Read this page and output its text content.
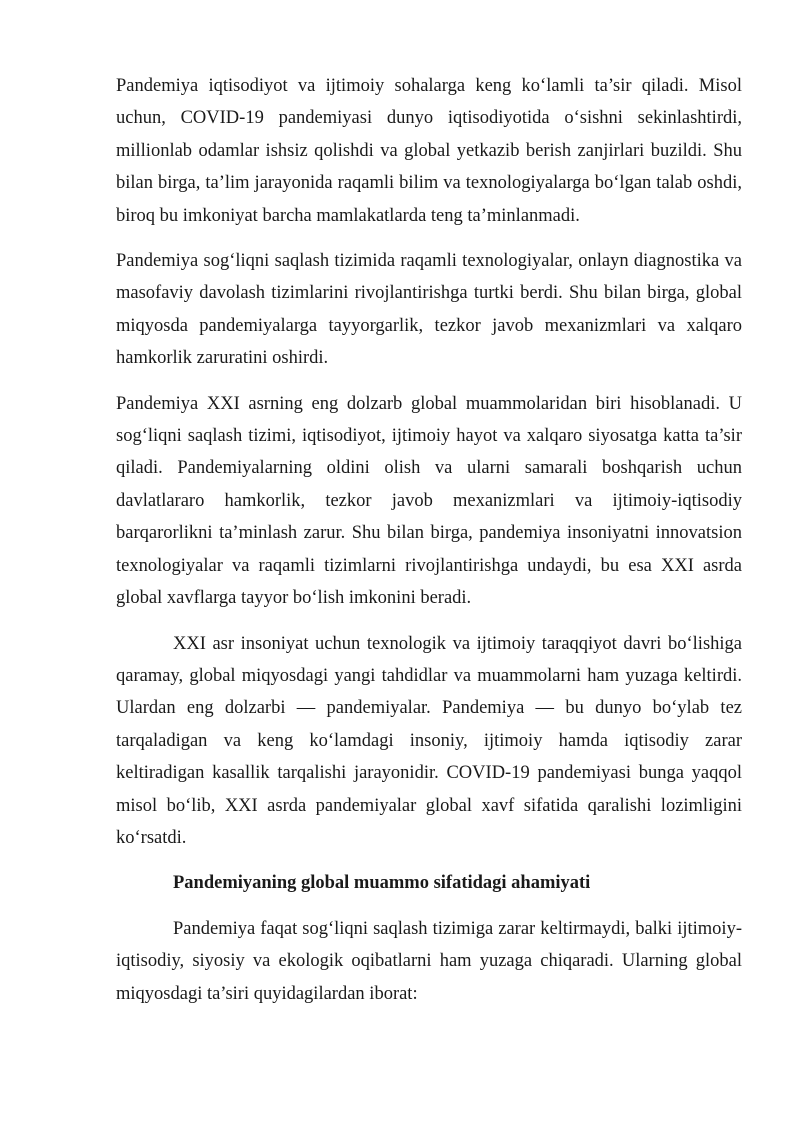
Pandemiya iqtisodiyot va ijtimoiy sohalarga keng ko‘lamli ta’sir qiladi. Misol uchun, COVID-19 pandemiyasi dunyo iqtisodiyotida o‘sishni sekinlashtirdi, millionlab odamlar ishsiz qolishdi va global yetkazib berish zanjirlari buzildi. Shu bilan birga, ta’lim jarayonida raqamli bilim va texnologiyalarga bo‘lgan talab oshdi, biroq bu imkoniyat barcha mamlakatlarda teng ta’minlanmadi.

Pandemiya sog‘liqni saqlash tizimida raqamli texnologiyalar, onlayn diagnostika va masofaviy davolash tizimlarini rivojlantirishga turtki berdi. Shu bilan birga, global miqyosda pandemiyalarga tayyorgarlik, tezkor javob mexanizmlari va xalqaro hamkorlik zaruratini oshirdi.

Pandemiya XXI asrning eng dolzarb global muammolaridan biri hisoblanadi. U sog‘liqni saqlash tizimi, iqtisodiyot, ijtimoiy hayot va xalqaro siyosatga katta ta’sir qiladi. Pandemiyalarning oldini olish va ularni samarali boshqarish uchun davlatlararo hamkorlik, tezkor javob mexanizmlari va ijtimoiy-iqtisodiy barqarorlikni ta’minlash zarur. Shu bilan birga, pandemiya insoniyatni innovatsion texnologiyalar va raqamli tizimlarni rivojlantirishga undaydi, bu esa XXI asrda global xavflarga tayyor bo‘lish imkonini beradi.

XXI asr insoniyat uchun texnologik va ijtimoiy taraqqiyot davri bo‘lishiga qaramay, global miqyosdagi yangi tahdidlar va muammolarni ham yuzaga keltirdi. Ulardan eng dolzarbi — pandemiyalar. Pandemiya — bu dunyo bo‘ylab tez tarqaladigan va keng ko‘lamdagi insoniy, ijtimoiy hamda iqtisodiy zarar keltiradigan kasallik tarqalishi jarayonidir. COVID-19 pandemiyasi bunga yaqqol misol bo‘lib, XXI asrda pandemiyalar global xavf sifatida qaralishi lozimligini ko‘rsatdi.

Pandemiyaning global muammo sifatidagi ahamiyati

Pandemiya faqat sog‘liqni saqlash tizimiga zarar keltirmaydi, balki ijtimoiy-iqtisodiy, siyosiy va ekologik oqibatlarni ham yuzaga chiqaradi. Ularning global miqyosdagi ta’siri quyidagilardan iborat:
